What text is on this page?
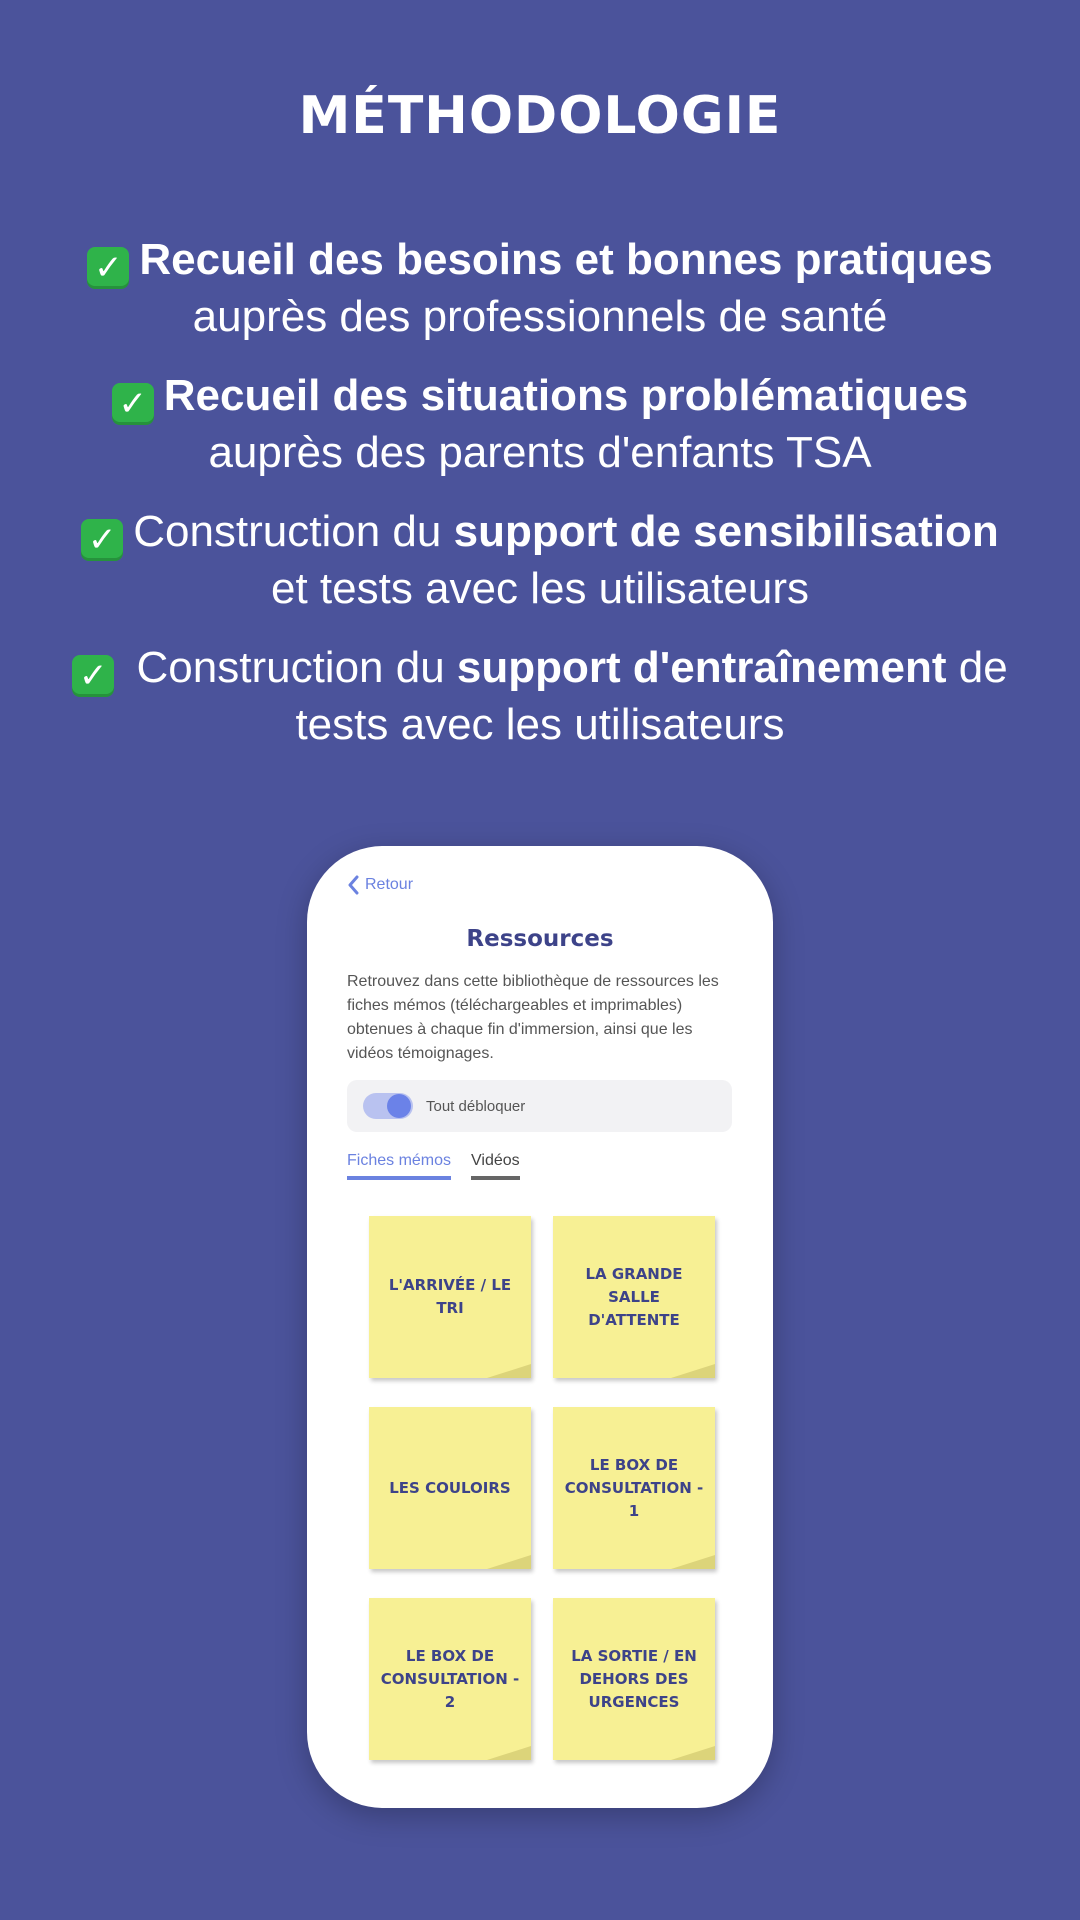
MÉTHODOLOGIE
✓ Recueil des besoins et bonnes pratiques
auprès des professionnels de santé
✓ Recueil des situations problématiques
auprès des parents d'enfants TSA
✓ Construction du support de sensibilisation
et tests avec les utilisateurs
✓ Construction du support d'entraînement de
tests avec les utilisateurs
Retour
Ressources
Retrouvez dans cette bibliothèque de ressources les fiches mémos (téléchargeables et imprimables) obtenues à chaque fin d'immersion, ainsi que les vidéos témoignages.
Tout débloquer
Fiches mémos Vidéos
L'ARRIVÉE / LE TRI
LA GRANDE SALLE D'ATTENTE
LES COULOIRS
LE BOX DE CONSULTATION - 1
LE BOX DE CONSULTATION - 2
LA SORTIE / EN DEHORS DES URGENCES
